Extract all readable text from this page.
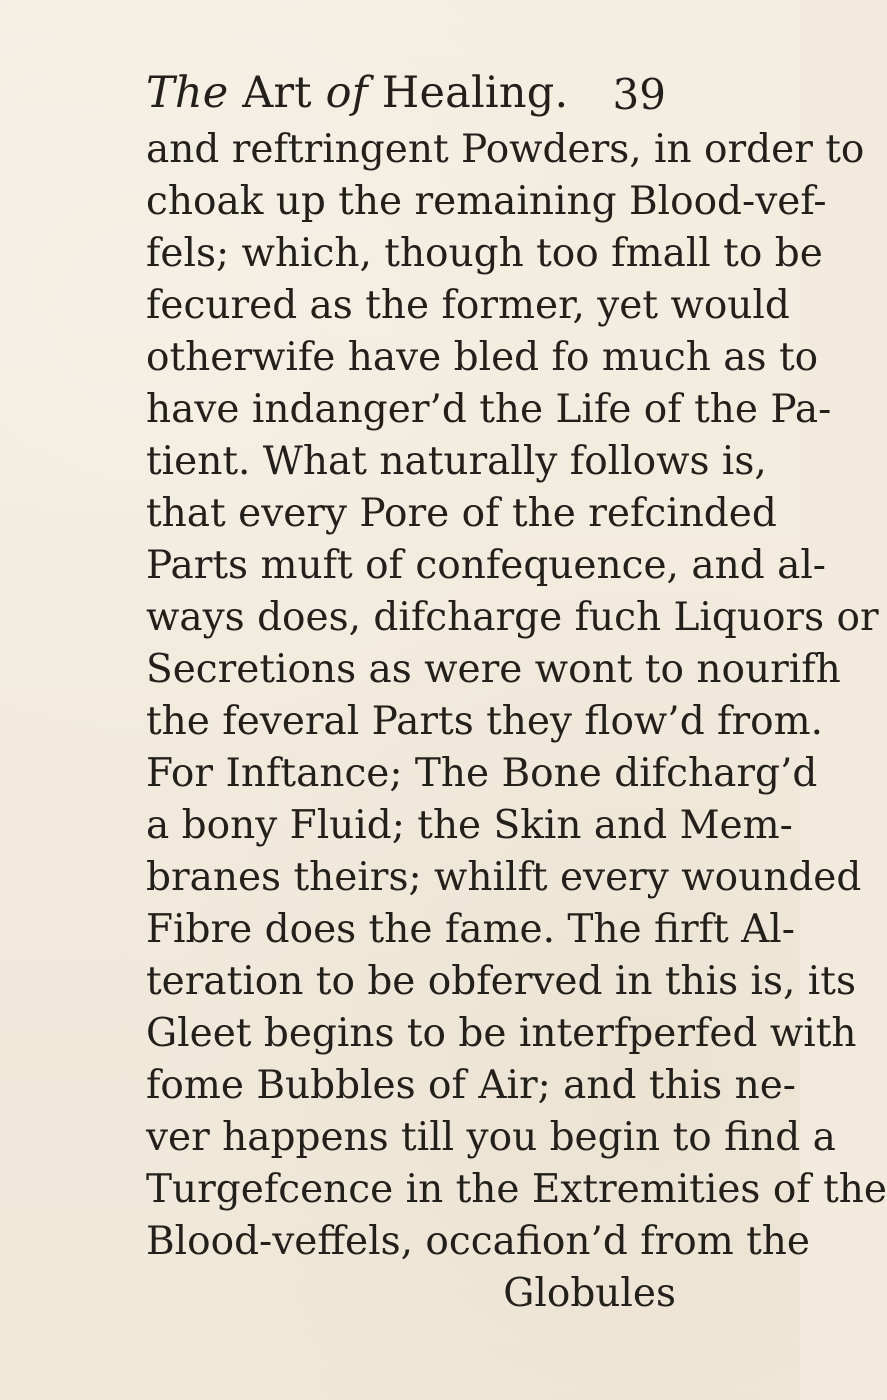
The Art of Healing. 39
and reftringent Powders, in order to
choak up the remaining Blood-vef-
fels; which, though too fmall to be
fecured as the former, yet would
otherwife have bled fo much as to
have indanger’d the Life of the Pa-
tient. What naturally follows is,
that every Pore of the refcinded
Parts muft of confequence, and al-
ways does, difcharge fuch Liquors or
Secretions as were wont to nourifh
the feveral Parts they flow’d from.
For Inftance; The Bone difcharg’d
a bony Fluid; the Skin and Mem-
branes theirs; whilft every wounded
Fibre does the fame. The firft Al-
teration to be obferved in this is, its
Gleet begins to be interfperfed with
fome Bubbles of Air; and this ne-
ver happens till you begin to find a
Turgefcence in the Extremities of the
Blood-veffels, occafion’d from the
Globules
